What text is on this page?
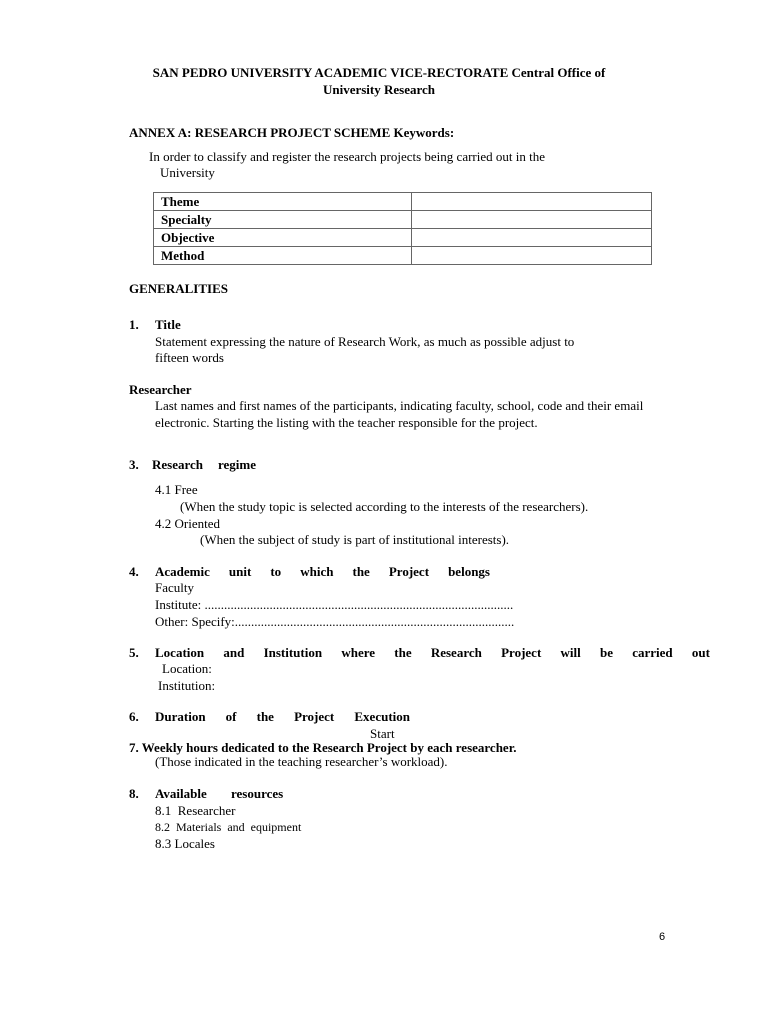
SAN PEDRO UNIVERSITY ACADEMIC VICE-RECTORATE Central Office of
University Research
ANNEX A: RESEARCH PROJECT SCHEME Keywords:
In order to classify and register the research projects being carried out in the
University
Theme	
Specialty	
Objective	
Method	
GENERALITIES
1. Title
Statement expressing the nature of Research Work, as much as possible adjust to
fifteen words
Researcher
Last names and first names of the participants, indicating faculty, school, code and their email
electronic. Starting the listing with the teacher responsible for the project.
3. Research regime
4.1 Free
(When the study topic is selected according to the interests of the researchers).
4.2 Oriented
(When the subject of study is part of institutional interests).
4. Academic unit to which the Project belongs
Faculty
Institute: ...............................................................................................
Other: Specify:......................................................................................
5. Location and Institution where the Research Project will be carried out
Location:
Institution:
6. Duration of the Project Execution
Start
7. Weekly hours dedicated to the Research Project by each researcher.
(Those indicated in the teaching researcher’s workload).
8. Available resources
8.1  Researcher
8.2  Materials  and  equipment
8.3 Locales
6
